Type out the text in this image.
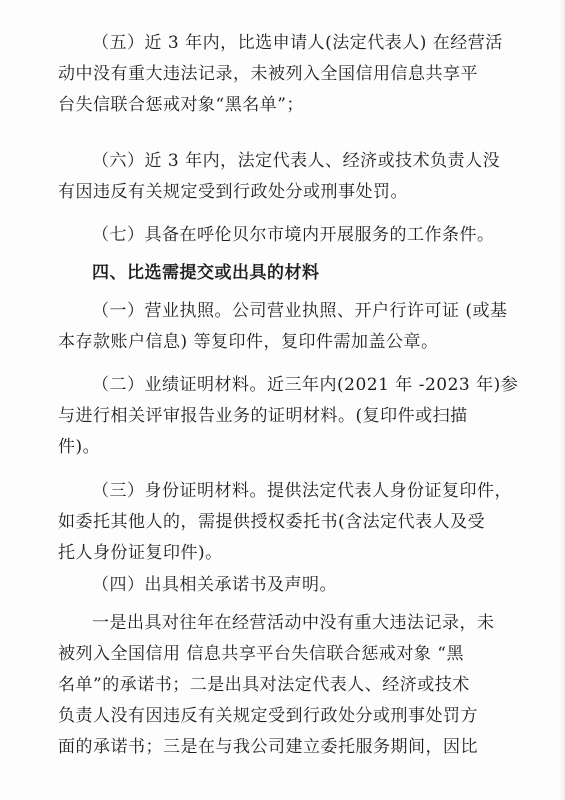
（五）近 3 年内，比选申请人(法定代表人) 在经营活
动中没有重大违法记录，未被列入全国信用信息共享平
台失信联合惩戒对象“黑名单”；

（六）近 3 年内，法定代表人、经济或技术负责人没
有因违反有关规定受到行政处分或刑事处罚。

（七）具备在呼伦贝尔市境内开展服务的工作条件。

四、比选需提交或出具的材料

（一）营业执照。公司营业执照、开户行许可证 (或基
本存款账户信息) 等复印件，复印件需加盖公章。

（二）业绩证明材料。近三年内(2021 年 -2023 年)参
与进行相关评审报告业务的证明材料。(复印件或扫描
件)。

（三）身份证明材料。提供法定代表人身份证复印件，
如委托其他人的，需提供授权委托书(含法定代表人及受
托人身份证复印件)。

（四）出具相关承诺书及声明。

一是出具对往年在经营活动中没有重大违法记录，未
被列入全国信用 信息共享平台失信联合惩戒对象 “黑
名单”的承诺书；二是出具对法定代表人、经济或技术
负责人没有因违反有关规定受到行政处分或刑事处罚方
面的承诺书；三是在与我公司建立委托服务期间，因比
